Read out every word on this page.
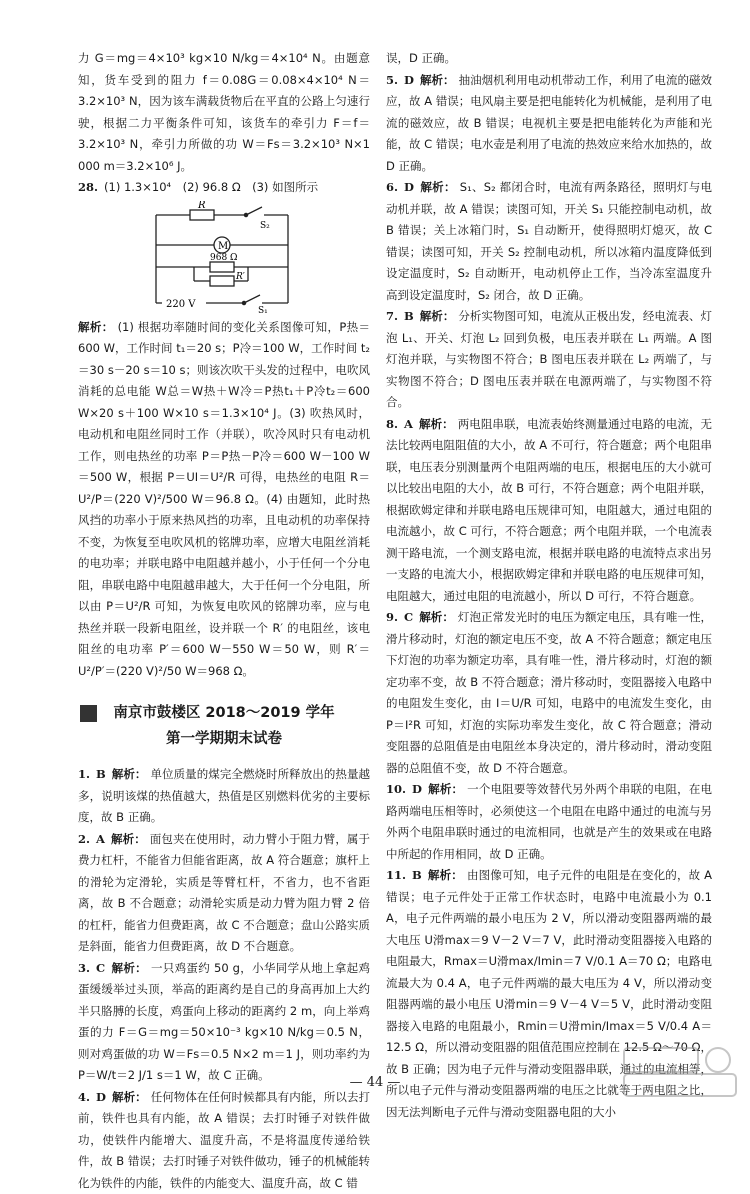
力 G＝mg＝4×10³ kg×10 N/kg＝4×10⁴ N。由题意知，货车受到的阻力 f＝0.08G＝0.08×4×10⁴ N＝3.2×10³ N，因为该车满载货物后在平直的公路上匀速行驶，根据二力平衡条件可知，该货车的牵引力 F＝f＝3.2×10³ N，牵引力所做的功 W＝Fs＝3.2×10³ N×1 000 m＝3.2×10⁶ J。

28. (1) 1.3×10⁴　(2) 96.8 Ω　(3) 如图所示

R
S₂
M
968 Ω
R′
220 V
S₁

解析： (1) 根据功率随时间的变化关系图像可知，P热＝600 W，工作时间 t₁＝20 s；P冷＝100 W，工作时间 t₂＝30 s－20 s＝10 s；则该次吹干头发的过程中，电吹风消耗的总电能 W总＝W热＋W冷＝P热t₁＋P冷t₂＝600 W×20 s＋100 W×10 s＝1.3×10⁴ J。(3) 吹热风时，电动机和电阻丝同时工作（并联），吹冷风时只有电动机工作，则电热丝的功率 P＝P热－P冷＝600 W－100 W＝500 W，根据 P＝UI＝U²/R 可得，电热丝的电阻 R＝U²/P＝(220 V)²/500 W＝96.8 Ω。(4) 由题知，此时热风挡的功率小于原来热风挡的功率，且电动机的功率保持不变，为恢复至电吹风机的铭牌功率，应增大电阻丝消耗的电功率；并联电路中电阻越并越小，小于任何一个分电阻，串联电路中电阻越串越大，大于任何一个分电阻，所以由 P＝U²/R 可知，为恢复电吹风的铭牌功率，应与电热丝并联一段新电阻丝，设并联一个 R′ 的电阻丝，该电阻丝的电功率 P′＝600 W－550 W＝50 W，则 R′＝U²/P′＝(220 V)²/50 W＝968 Ω。

南京市鼓楼区 2018～2019 学年
第一学期期末试卷

1. B 解析： 单位质量的煤完全燃烧时所释放出的热量越多，说明该煤的热值越大，热值是区别燃料优劣的主要标度，故 B 正确。

2. A 解析： 面包夹在使用时，动力臂小于阻力臂，属于费力杠杆，不能省力但能省距离，故 A 符合题意；旗杆上的滑轮为定滑轮，实质是等臂杠杆，不省力，也不省距离，故 B 不合题意；动滑轮实质是动力臂为阻力臂 2 倍的杠杆，能省力但费距离，故 C 不合题意；盘山公路实质是斜面，能省力但费距离，故 D 不合题意。

3. C 解析： 一只鸡蛋约 50 g，小华同学从地上拿起鸡蛋缓缓举过头顶，举高的距离约是自己的身高再加上大约半只胳膊的长度，鸡蛋向上移动的距离约 2 m，向上举鸡蛋的力 F＝G＝mg＝50×10⁻³ kg×10 N/kg＝0.5 N，则对鸡蛋做的功 W＝Fs＝0.5 N×2 m＝1 J，则功率约为 P＝W/t＝2 J/1 s＝1 W，故 C 正确。

4. D 解析： 任何物体在任何时候都具有内能，所以去打前，铁件也具有内能，故 A 错误；去打时锤子对铁件做功，使铁件内能增大、温度升高，不是将温度传递给铁件，故 B 错误；去打时锤子对铁件做功，锤子的机械能转化为铁件的内能，铁件的内能变大、温度升高，故 C 错

误，D 正确。

5. D 解析： 抽油烟机利用电动机带动工作，利用了电流的磁效应，故 A 错误；电风扇主要是把电能转化为机械能，是利用了电流的磁效应，故 B 错误；电视机主要是把电能转化为声能和光能，故 C 错误；电水壶是利用了电流的热效应来给水加热的，故 D 正确。

6. D 解析： S₁、S₂ 都闭合时，电流有两条路径，照明灯与电动机并联，故 A 错误；读图可知，开关 S₁ 只能控制电动机，故 B 错误；关上冰箱门时，S₁ 自动断开，使得照明灯熄灭，故 C 错误；读图可知，开关 S₂ 控制电动机，所以冰箱内温度降低到设定温度时，S₂ 自动断开，电动机停止工作，当冷冻室温度升高到设定温度时，S₂ 闭合，故 D 正确。

7. B 解析： 分析实物图可知，电流从正极出发，经电流表、灯泡 L₁、开关、灯泡 L₂ 回到负极，电压表并联在 L₁ 两端。A 图灯泡并联，与实物图不符合；B 图电压表并联在 L₂ 两端了，与实物图不符合；D 图电压表并联在电源两端了，与实物图不符合。

8. A 解析： 两电阻串联，电流表始终测量通过电路的电流，无法比较两电阻阻值的大小，故 A 不可行，符合题意；两个电阻串联，电压表分别测量两个电阻两端的电压，根据电压的大小就可以比较出电阻的大小，故 B 可行，不符合题意；两个电阻并联，根据欧姆定律和并联电路电压规律可知，电阻越大，通过电阻的电流越小，故 C 可行，不符合题意；两个电阻并联，一个电流表测干路电流，一个测支路电流，根据并联电路的电流特点求出另一支路的电流大小，根据欧姆定律和并联电路的电压规律可知，电阻越大，通过电阻的电流越小，所以 D 可行，不符合题意。

9. C 解析： 灯泡正常发光时的电压为额定电压，具有唯一性，滑片移动时，灯泡的额定电压不变，故 A 不符合题意；额定电压下灯泡的功率为额定功率，具有唯一性，滑片移动时，灯泡的额定功率不变，故 B 不符合题意；滑片移动时，变阻器接入电路中的电阻发生变化，由 I＝U/R 可知，电路中的电流发生变化，由 P＝I²R 可知，灯泡的实际功率发生变化，故 C 符合题意；滑动变阻器的总阻值是由电阻丝本身决定的，滑片移动时，滑动变阻器的总阻值不变，故 D 不符合题意。

10. D 解析： 一个电阻要等效替代另外两个串联的电阻，在电路两端电压相等时，必须使这一个电阻在电路中通过的电流与另外两个电阻串联时通过的电流相同，也就是产生的效果或在电路中所起的作用相同，故 D 正确。

11. B 解析： 由图像可知，电子元件的电阻是在变化的，故 A 错误；电子元件处于正常工作状态时，电路中电流最小为 0.1 A，电子元件两端的最小电压为 2 V，所以滑动变阻器两端的最大电压 U滑max＝9 V－2 V＝7 V，此时滑动变阻器接入电路的电阻最大，Rmax＝U滑max/Imin＝7 V/0.1 A＝70 Ω；电路电流最大为 0.4 A，电子元件两端的最大电压为 4 V，所以滑动变阻器两端的最小电压 U滑min＝9 V－4 V＝5 V，此时滑动变阻器接入电路的电阻最小，Rmin＝U滑min/Imax＝5 V/0.4 A＝12.5 Ω，所以滑动变阻器的阻值范围应控制在 12.5 Ω～70 Ω，故 B 正确；因为电子元件与滑动变阻器串联，通过的电流相等，所以电子元件与滑动变阻器两端的电压之比就等于两电阻之比，因无法判断电子元件与滑动变阻器电阻的大小

— 44 —
